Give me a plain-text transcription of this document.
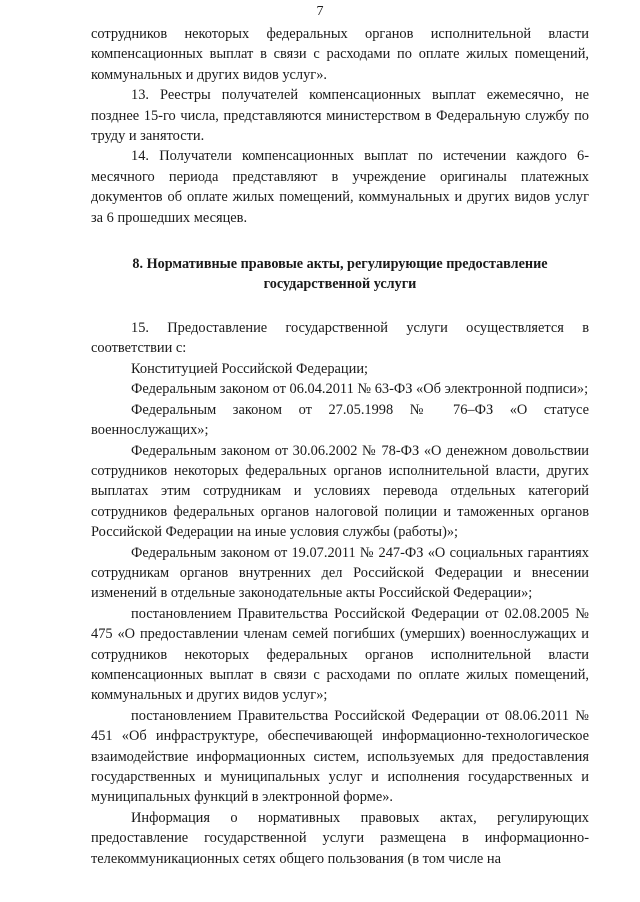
7

сотрудников некоторых федеральных органов исполнительной власти компенсационных выплат в связи с расходами по оплате жилых помещений, коммунальных и других видов услуг».

13. Реестры получателей компенсационных выплат ежемесячно, не позднее 15-го числа, представляются министерством в Федеральную службу по труду и занятости.

14. Получатели компенсационных выплат по истечении каждого 6-месячного периода представляют в учреждение оригиналы платежных документов об оплате жилых помещений, коммунальных и других видов услуг за 6 прошедших месяцев.

8. Нормативные правовые акты, регулирующие предоставление государственной услуги

15. Предоставление государственной услуги осуществляется в соответствии с:

Конституцией Российской Федерации;

Федеральным законом от 06.04.2011 № 63-ФЗ «Об электронной подписи»;

Федеральным законом от 27.05.1998 № 76–ФЗ «О статусе военнослужащих»;

Федеральным законом от 30.06.2002 № 78-ФЗ «О денежном довольствии сотрудников некоторых федеральных органов исполнительной власти, других выплатах этим сотрудникам и условиях перевода отдельных категорий сотрудников федеральных органов налоговой полиции и таможенных органов Российской Федерации на иные условия службы (работы)»;

Федеральным законом от 19.07.2011 № 247-ФЗ «О социальных гарантиях сотрудникам органов внутренних дел Российской Федерации и внесении изменений в отдельные законодательные акты Российской Федерации»;

постановлением Правительства Российской Федерации от 02.08.2005 № 475 «О предоставлении членам семей погибших (умерших) военнослужащих и сотрудников некоторых федеральных органов исполнительной власти компенсационных выплат в связи с расходами по оплате жилых помещений, коммунальных и других видов услуг»;

постановлением Правительства Российской Федерации от 08.06.2011 № 451 «Об инфраструктуре, обеспечивающей информационно-технологическое взаимодействие информационных систем, используемых для предоставления государственных и муниципальных услуг и исполнения государственных и муниципальных функций в электронной форме».

Информация о нормативных правовых актах, регулирующих предоставление государственной услуги размещена в информационно-телекоммуникационных сетях общего пользования (в том числе на
